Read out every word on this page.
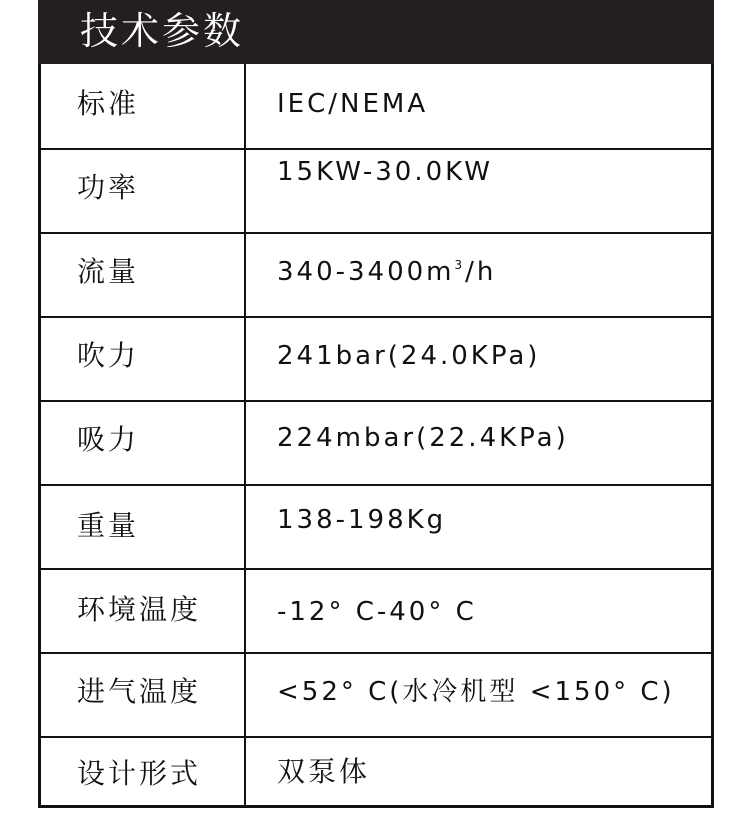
技术参数
标准	IEC/NEMA
功率	15KW-30.0KW
流量	$340-3400m^3/h$
吹力	241bar(24.0KPa)
吸力	224mbar(22.4KPa)
重量	138-198Kg
环境温度	-12° C-40° C
进气温度	<52° C(水冷机型 <150° C)
设计形式	双泵体
